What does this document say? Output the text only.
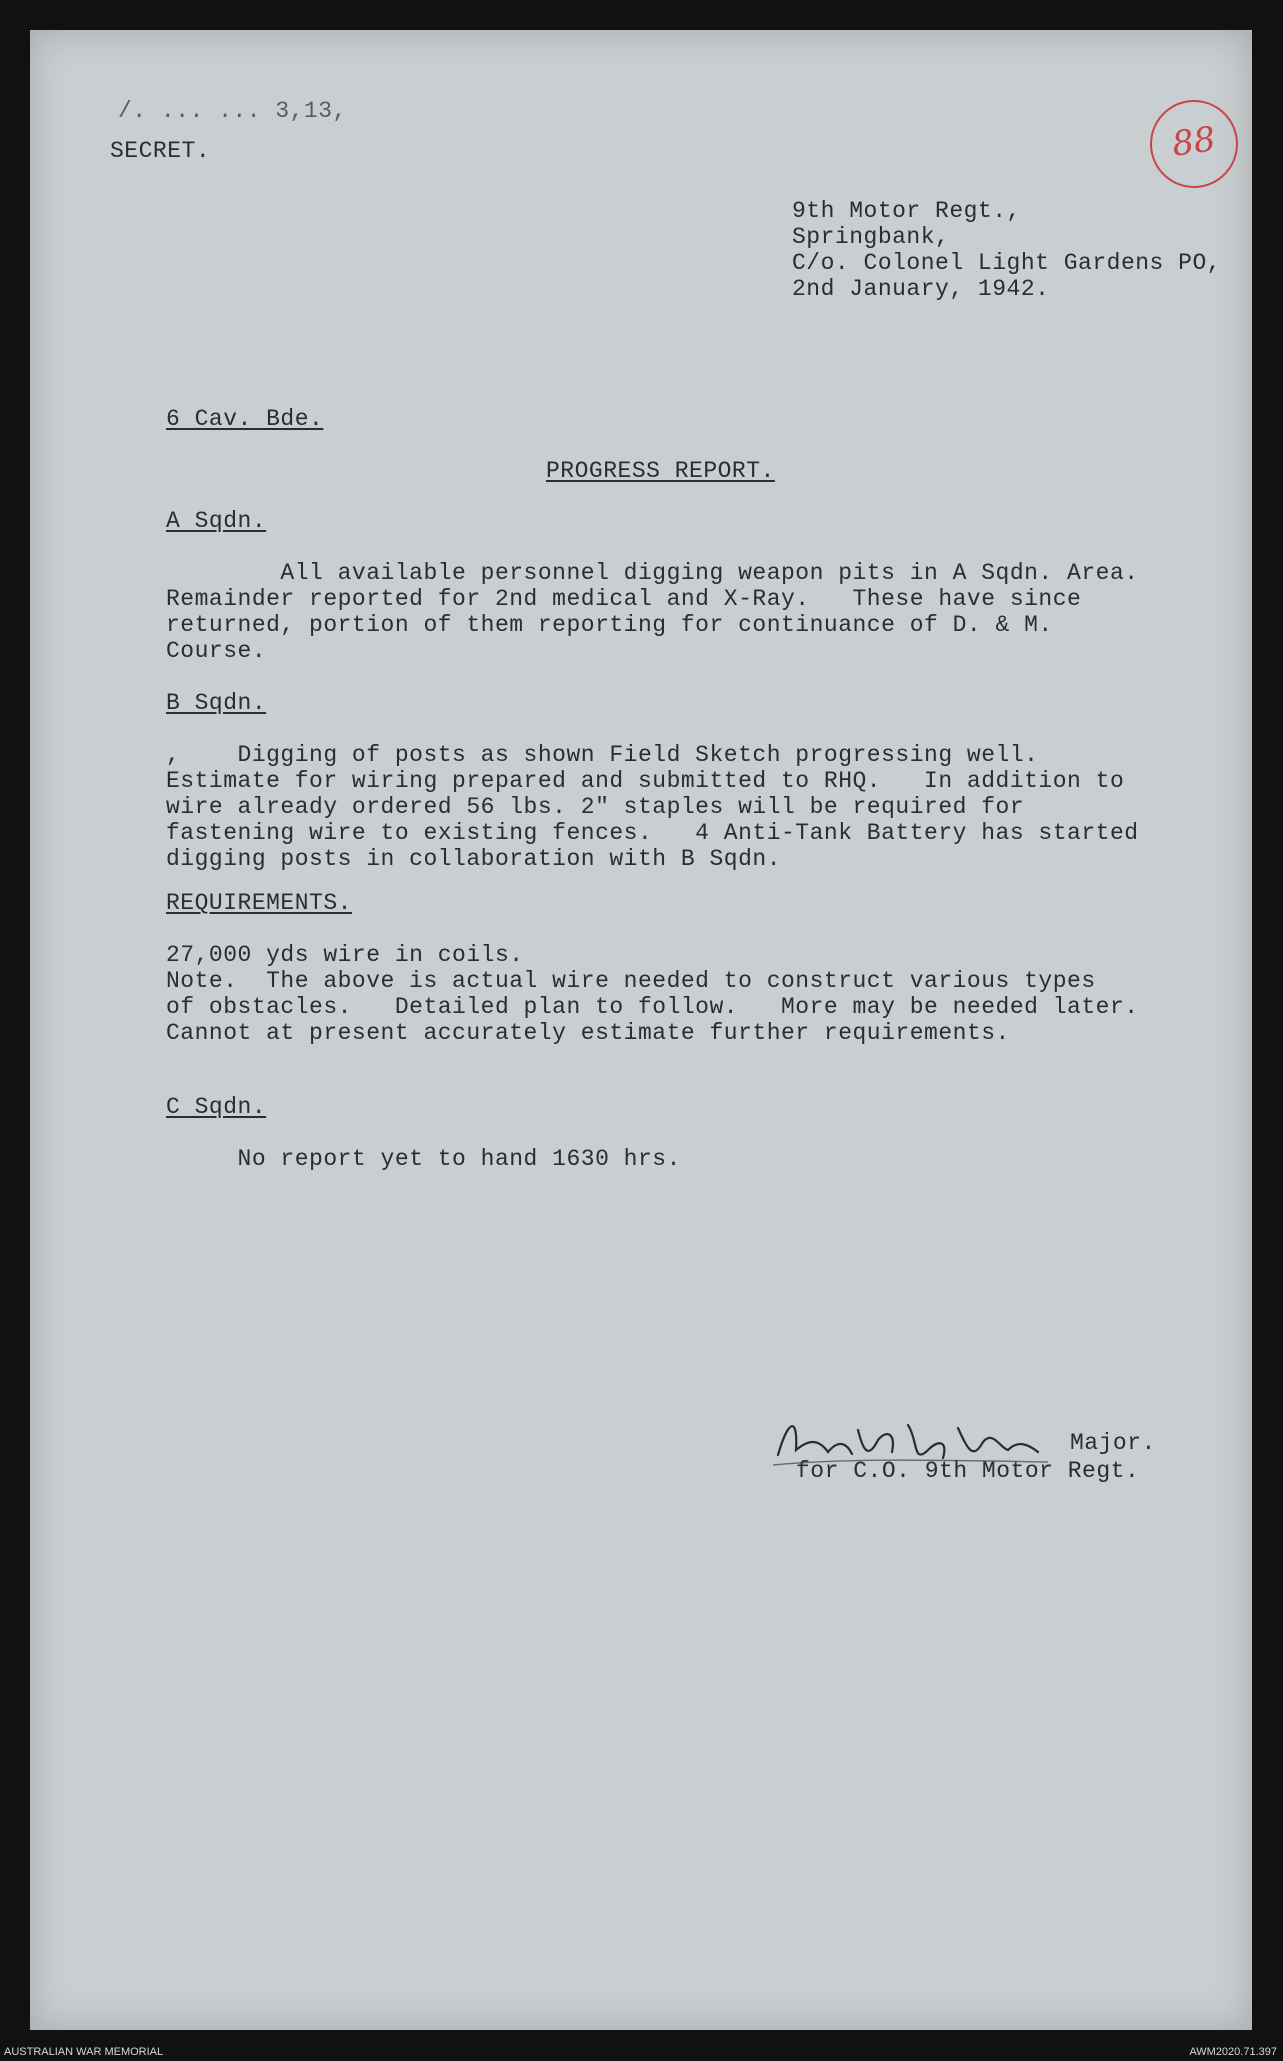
/. ... ... 3,13,

SECRET.	88

9th Motor Regt.,

Springbank,

C/o. Colonel Light Gardens PO,

2nd January, 1942.

6 Cav. Bde.

PROGRESS REPORT.

A Sqdn.

All available personnel digging weapon pits in A Sqdn. Area.
Remainder reported for 2nd medical and X-Ray.   These have since
returned, portion of them reporting for continuance of D. & M.
Course.

B Sqdn.

,    Digging of posts as shown Field Sketch progressing well.
Estimate for wiring prepared and submitted to RHQ.   In addition to
wire already ordered 56 lbs. 2" staples will be required for
fastening wire to existing fences.   4 Anti-Tank Battery has started
digging posts in collaboration with B Sqdn.

REQUIREMENTS.

27,000 yds wire in coils.
Note.  The above is actual wire needed to construct various types
of obstacles.   Detailed plan to follow.   More may be needed later.
Cannot at present accurately estimate further requirements.

C Sqdn.

No report yet to hand 1630 hrs.

Major.

for C.O. 9th Motor Regt.

AUSTRALIAN WAR MEMORIAL	AWM2020.71.397
